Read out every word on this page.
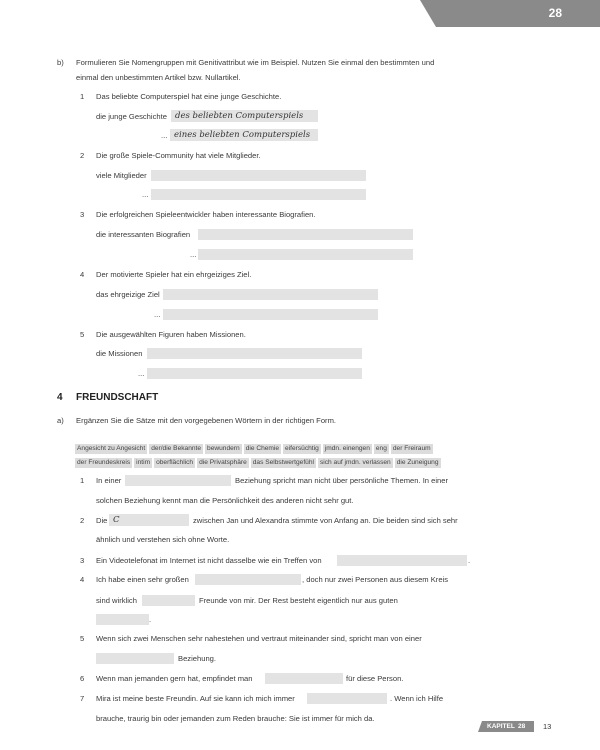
28
b) Formulieren Sie Nomengruppen mit Genitivattribut wie im Beispiel. Nutzen Sie einmal den bestimmten und
einmal den unbestimmten Artikel bzw. Nullartikel.
1 Das beliebte Computerspiel hat eine junge Geschichte.
die junge Geschichte des beliebten Computerspiels
... eines beliebten Computerspiels
2 Die große Spiele-Community hat viele Mitglieder.
viele Mitglieder
...
3 Die erfolgreichen Spieleentwickler haben interessante Biografien.
die interessanten Biografien
...
4 Der motivierte Spieler hat ein ehrgeiziges Ziel.
das ehrgeizige Ziel
...
5 Die ausgewählten Figuren haben Missionen.
die Missionen
...
4 FREUNDSCHAFT
a) Ergänzen Sie die Sätze mit den vorgegebenen Wörtern in der richtigen Form.
Angesicht zu Angesicht der/die Bekannte bewundern die Chemie eifersüchtig jmdn. einengen eng der Freiraum
der Freundeskreis intim oberflächlich die Privatsphäre das Selbstwertgefühl sich auf jmdn. verlassen die Zuneigung
1 In einer	Beziehung spricht man nicht über persönliche Themen. In einer
solchen Beziehung kennt man die Persönlichkeit des anderen nicht sehr gut.
2 Die C	zwischen Jan und Alexandra stimmte von Anfang an. Die beiden sind sich sehr
ähnlich und verstehen sich ohne Worte.
3 Ein Videotelefonat im Internet ist nicht dasselbe wie ein Treffen von	.
4 Ich habe einen sehr großen	, doch nur zwei Personen aus diesem Kreis
sind wirklich	Freunde von mir. Der Rest besteht eigentlich nur aus guten
.
5 Wenn sich zwei Menschen sehr nahestehen und vertraut miteinander sind, spricht man von einer
Beziehung.
6 Wenn man jemanden gern hat, empfindet man	für diese Person.
7 Mira ist meine beste Freundin. Auf sie kann ich mich immer	. Wenn ich Hilfe
brauche, traurig bin oder jemanden zum Reden brauche: Sie ist immer für mich da.
KAPITEL 28 13
